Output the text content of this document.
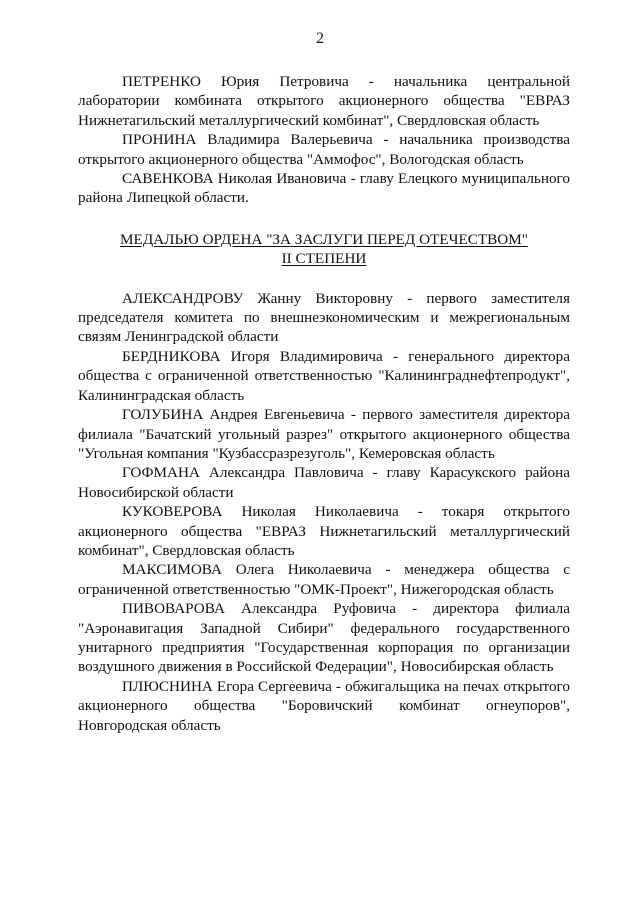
2

ПЕТРЕНКО Юрия Петровича - начальника центральной лаборатории комбината открытого акционерного общества "ЕВРАЗ Нижнетагильский металлургический комбинат", Свердловская область

ПРОНИНА Владимира Валерьевича - начальника производства открытого акционерного общества "Аммофос", Вологодская область

САВЕНКОВА Николая Ивановича - главу Елецкого муниципального района Липецкой области.

МЕДАЛЬЮ ОРДЕНА "ЗА ЗАСЛУГИ ПЕРЕД ОТЕЧЕСТВОМ"
II СТЕПЕНИ

АЛЕКСАНДРОВУ Жанну Викторовну - первого заместителя председателя комитета по внешнеэкономическим и межрегиональным связям Ленинградской области

БЕРДНИКОВА Игоря Владимировича - генерального директора общества с ограниченной ответственностью "Калининграднефтепродукт", Калининградская область

ГОЛУБИНА Андрея Евгеньевича - первого заместителя директора филиала "Бачатский угольный разрез" открытого акционерного общества "Угольная компания "Кузбассразрезуголь", Кемеровская область

ГОФМАНА Александра Павловича - главу Карасукского района Новосибирской области

КУКОВЕРОВА Николая Николаевича - токаря открытого акционерного общества "ЕВРАЗ Нижнетагильский металлургический комбинат", Свердловская область

МАКСИМОВА Олега Николаевича - менеджера общества с ограниченной ответственностью "ОМК-Проект", Нижегородская область

ПИВОВАРОВА Александра Руфовича - директора филиала "Аэронавигация Западной Сибири" федерального государственного унитарного предприятия "Государственная корпорация по организации воздушного движения в Российской Федерации", Новосибирская область

ПЛЮСНИНА Егора Сергеевича - обжигальщика на печах открытого акционерного общества "Боровичский комбинат огнеупоров", Новгородская область
